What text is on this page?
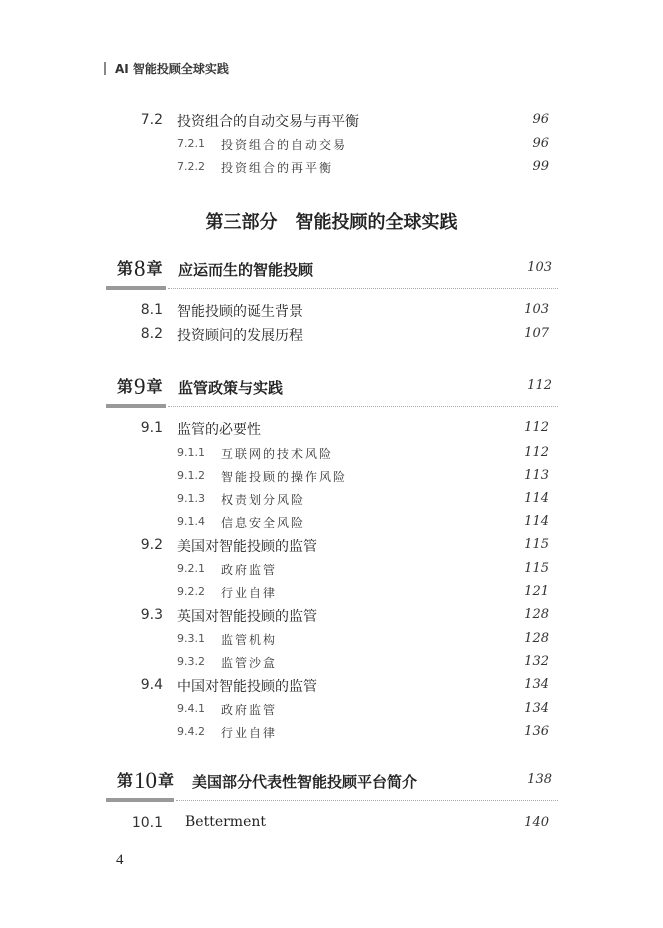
AI 智能投顾全球实践
7.2 投资组合的自动交易与再平衡	96
7.2.1	投资组合的自动交易	96
7.2.2	投资组合的再平衡	99
第三部分　智能投顾的全球实践
第8章 应运而生的智能投顾	103
8.1 智能投顾的诞生背景	103
8.2 投资顾问的发展历程	107
第9章 监管政策与实践	112
9.1 监管的必要性	112
9.1.1	互联网的技术风险	112
9.1.2	智能投顾的操作风险	113
9.1.3	权责划分风险	114
9.1.4	信息安全风险	114
9.2 美国对智能投顾的监管	115
9.2.1	政府监管	115
9.2.2	行业自律	121
9.3 英国对智能投顾的监管	128
9.3.1	监管机构	128
9.3.2	监管沙盒	132
9.4 中国对智能投顾的监管	134
9.4.1	政府监管	134
9.4.2	行业自律	136
第10章 美国部分代表性智能投顾平台简介	138
10.1 Betterment	140
4
